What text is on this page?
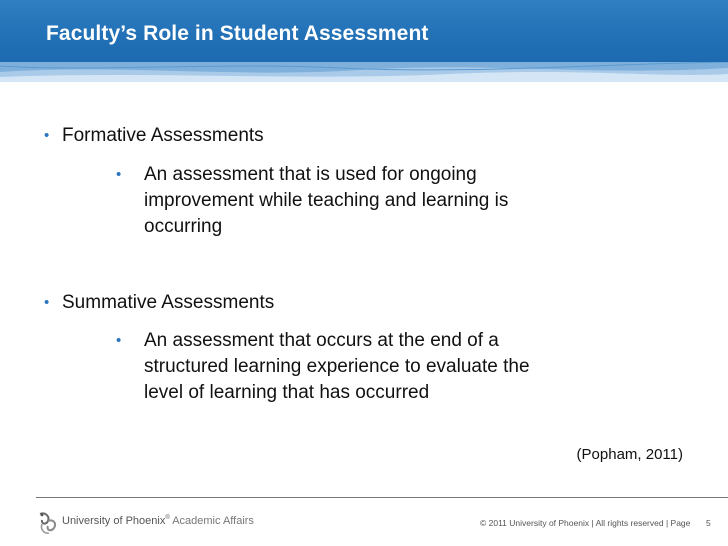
Faculty’s Role in Student Assessment
• Formative Assessments
• An assessment that is used for ongoing
improvement while teaching and learning is
occurring
• Summative Assessments
• An assessment that occurs at the end of a
structured learning experience to evaluate the
level of learning that has occurred
(Popham, 2011)
University of Phoenix® Academic Affairs	© 2011 University of Phoenix | All rights reserved | Page 5
